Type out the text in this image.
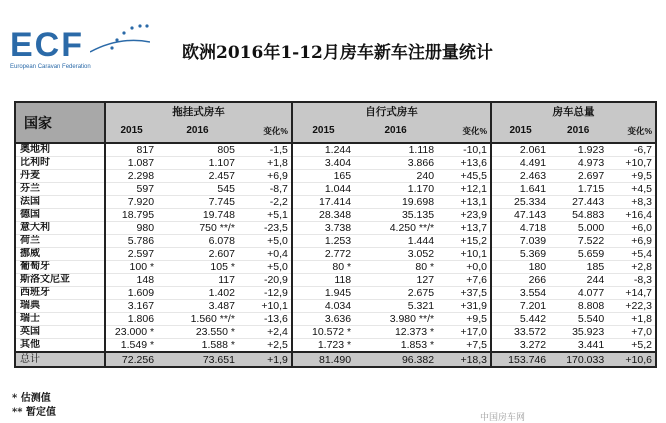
ECF
European Caravan Federation
欧洲2016年1-12月房车新车注册量统计
国家	拖挂式房车			自行式房车			房车总量		
	2015	2016	变化%	2015	2016	变化%	2015	2016	变化%
奥地利	817	805	-1,5	1.244	1.118	-10,1	2.061	1.923	-6,7
比利时	1.087	1.107	+1,8	3.404	3.866	+13,6	4.491	4.973	+10,7
丹麦	2.298	2.457	+6,9	165	240	+45,5	2.463	2.697	+9,5
芬兰	597	545	-8,7	1.044	1.170	+12,1	1.641	1.715	+4,5
法国	7.920	7.745	-2,2	17.414	19.698	+13,1	25.334	27.443	+8,3
德国	18.795	19.748	+5,1	28.348	35.135	+23,9	47.143	54.883	+16,4
意大利	980	750 **/*	-23,5	3.738	4.250 **/*	+13,7	4.718	5.000	+6,0
荷兰	5.786	6.078	+5,0	1.253	1.444	+15,2	7.039	7.522	+6,9
挪威	2.597	2.607	+0,4	2.772	3.052	+10,1	5.369	5.659	+5,4
葡萄牙	100 *	105 *	+5,0	80 *	80 *	+0,0	180	185	+2,8
斯洛文尼亚	148	117	-20,9	118	127	+7,6	266	244	-8,3
西班牙	1.609	1.402	-12,9	1.945	2.675	+37,5	3.554	4.077	+14,7
瑞典	3.167	3.487	+10,1	4.034	5.321	+31,9	7.201	8.808	+22,3
瑞士	1.806	1.560 **/*	-13,6	3.636	3.980 **/*	+9,5	5.442	5.540	+1,8
英国	23.000 *	23.550 *	+2,4	10.572 *	12.373 *	+17,0	33.572	35.923	+7,0
其他	1.549 *	1.588 *	+2,5	1.723 *	1.853 *	+7,5	3.272	3.441	+5,2
总计	72.256	73.651	+1,9	81.490	96.382	+18,3	153.746	170.033	+10,6
* 估测值
** 暂定值	中国房车网
